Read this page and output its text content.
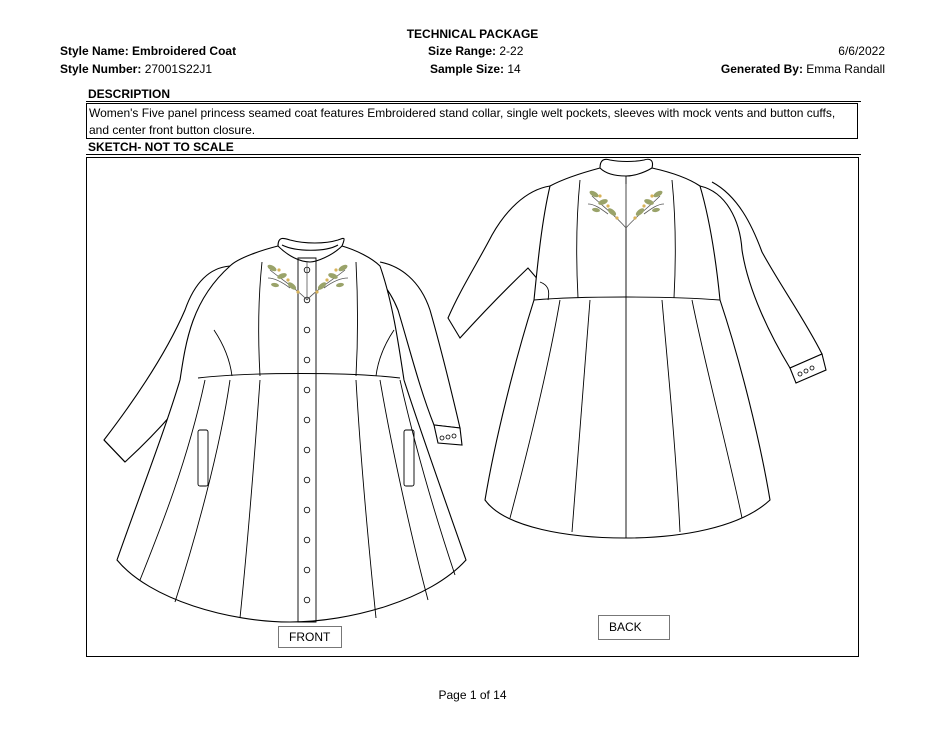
TECHNICAL PACKAGE
Style Name: Embroidered Coat
Style Number: 27001S22J1
Size Range: 2-22
Sample Size: 14
6/6/2022
Generated By: Emma Randall
DESCRIPTION
Women's Five panel princess seamed coat features Embroidered stand collar, single welt pockets, sleeves with mock vents and button cuffs,
and center front button closure.
SKETCH- NOT TO SCALE
FRONT
BACK
Page 1 of 14
